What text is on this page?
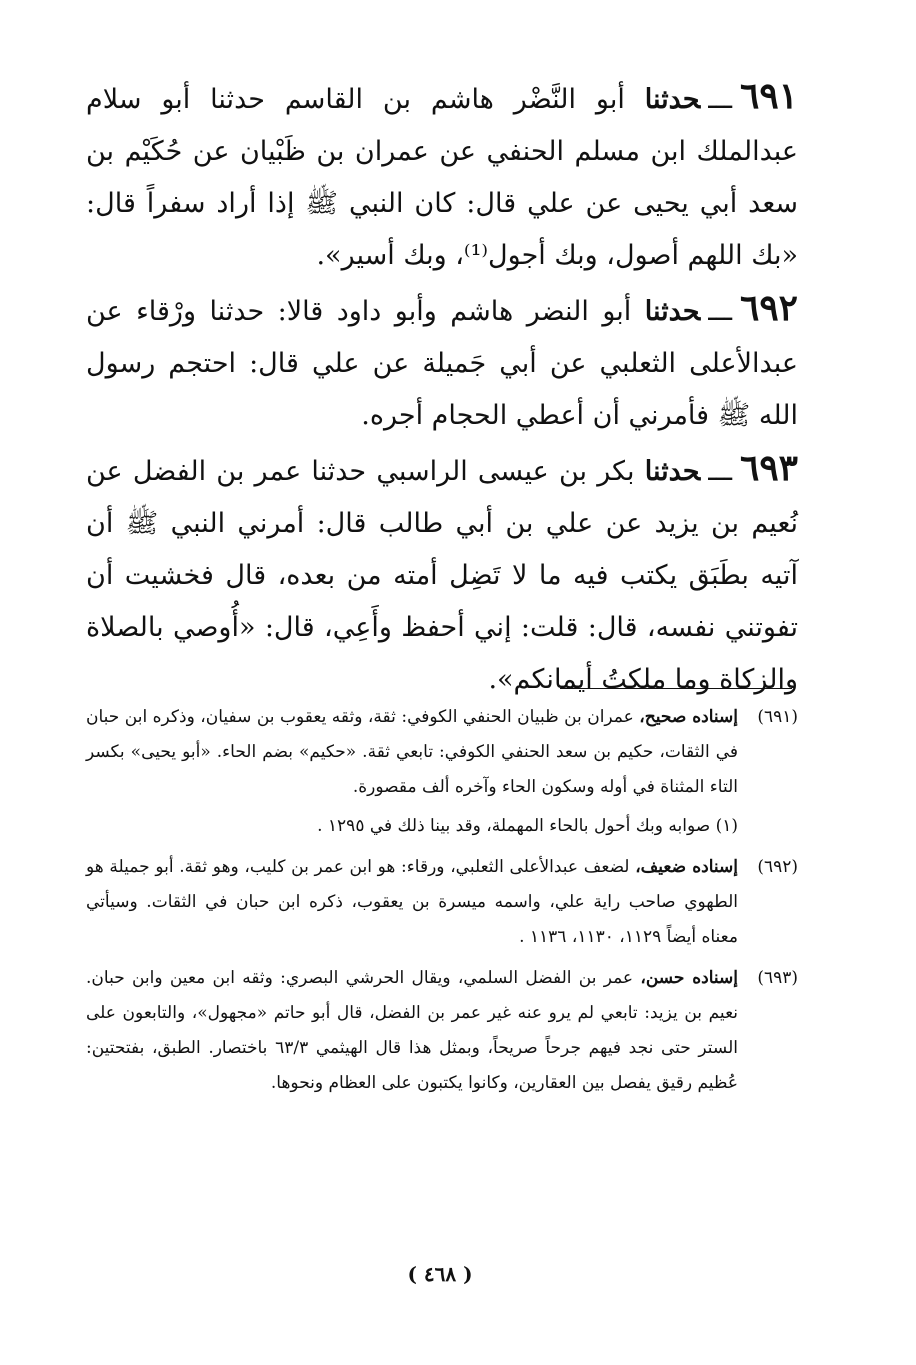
٦٩١ـــحدثنا أبو النَّضْر هاشم بن القاسم حدثنا أبو سلام عبدالملك ابن مسلم الحنفي عن عمران بن ظَبْيان عن حُكَيْم بن سعد أبي يحيى عن علي قال: كان النبي ﷺ إذا أراد سفراً قال: «بك اللهم أصول، وبك أجول⁽¹⁾، وبك أسير».

٦٩٢ـــحدثنا أبو النضر هاشم وأبو داود قالا: حدثنا ورْقاء عن عبدالأعلى الثعلبي عن أبي جَميلة عن علي قال: احتجم رسول الله ﷺ فأمرني أن أعطي الحجام أجره.

٦٩٣ـــحدثنا بكر بن عيسى الراسبي حدثنا عمر بن الفضل عن نُعيم بن يزيد عن علي بن أبي طالب قال: أمرني النبي ﷺ أن آتيه بطَبَق يكتب فيه ما لا تَضِل أمته من بعده، قال فخشيت أن تفوتني نفسه، قال: قلت: إني أحفظ وأَعِي، قال: «أُوصي بالصلاة والزكاة وما ملكتُ أيمانكم».

(٦٩١)
إسناده صحيح، عمران بن ظبيان الحنفي الكوفي: ثقة، وثقه يعقوب بن سفيان، وذكره ابن حبان في الثقات، حكيم بن سعد الحنفي الكوفي: تابعي ثقة. «حكيم» بضم الحاء. «أبو يحيى» بكسر التاء المثناة في أوله وسكون الحاء وآخره ألف مقصورة.
(١) صوابه وبك أحول بالحاء المهملة، وقد بينا ذلك في ١٢٩٥ .
(٦٩٢)
إسناده ضعيف، لضعف عبدالأعلى الثعلبي، ورقاء: هو ابن عمر بن كليب، وهو ثقة. أبو جميلة هو الطهوي صاحب راية علي، واسمه ميسرة بن يعقوب، ذكره ابن حبان في الثقات. وسيأتي معناه أيضاً ١١٢٩، ١١٣٠، ١١٣٦ .
(٦٩٣)
إسناده حسن، عمر بن الفضل السلمي، ويقال الحرشي البصري: وثقه ابن معين وابن حبان. نعيم بن يزيد: تابعي لم يرو عنه غير عمر بن الفضل، قال أبو حاتم «مجهول»، والتابعون على الستر حتى نجد فيهم جرحاً صريحاً، وبمثل هذا قال الهيثمي ٦٣/٣ باختصار. الطبق، بفتحتين: عُظيم رقيق يفصل بين العقارين، وكانوا يكتبون على العظام ونحوها.
( ٤٦٨ )
